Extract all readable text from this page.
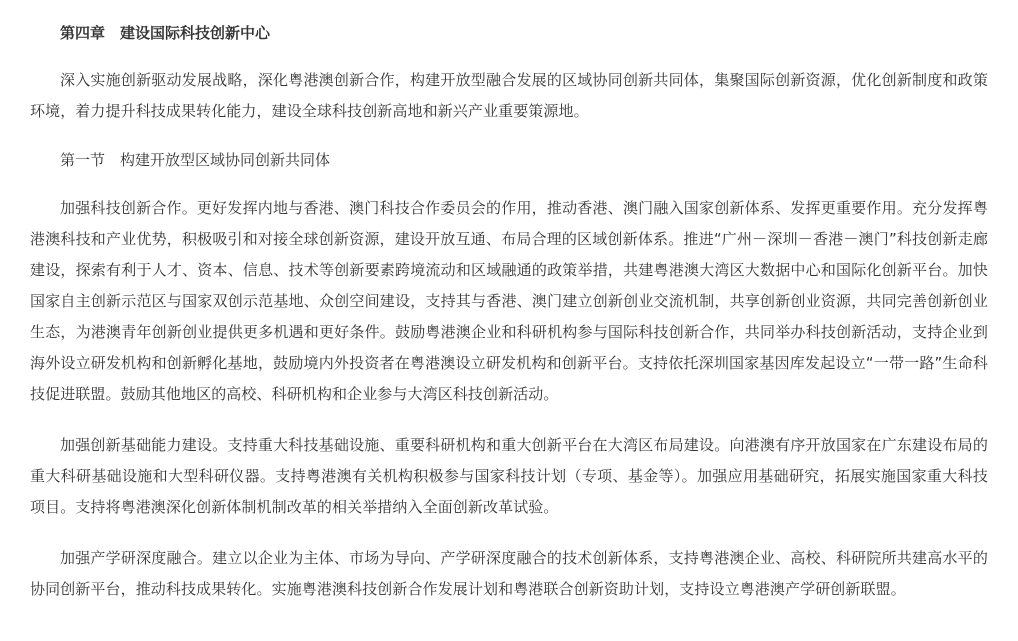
第四章　建设国际科技创新中心

深入实施创新驱动发展战略，深化粤港澳创新合作，构建开放型融合发展的区域协同创新共同体，集聚国际创新资源，优化创新制度和政策环境，着力提升科技成果转化能力，建设全球科技创新高地和新兴产业重要策源地。

第一节　构建开放型区域协同创新共同体

加强科技创新合作。更好发挥内地与香港、澳门科技合作委员会的作用，推动香港、澳门融入国家创新体系、发挥更重要作用。充分发挥粤港澳科技和产业优势，积极吸引和对接全球创新资源，建设开放互通、布局合理的区域创新体系。推进“广州－深圳－香港－澳门”科技创新走廊建设，探索有利于人才、资本、信息、技术等创新要素跨境流动和区域融通的政策举措，共建粤港澳大湾区大数据中心和国际化创新平台。加快国家自主创新示范区与国家双创示范基地、众创空间建设，支持其与香港、澳门建立创新创业交流机制，共享创新创业资源，共同完善创新创业生态，为港澳青年创新创业提供更多机遇和更好条件。鼓励粤港澳企业和科研机构参与国际科技创新合作，共同举办科技创新活动，支持企业到海外设立研发机构和创新孵化基地，鼓励境内外投资者在粤港澳设立研发机构和创新平台。支持依托深圳国家基因库发起设立“一带一路”生命科技促进联盟。鼓励其他地区的高校、科研机构和企业参与大湾区科技创新活动。

加强创新基础能力建设。支持重大科技基础设施、重要科研机构和重大创新平台在大湾区布局建设。向港澳有序开放国家在广东建设布局的重大科研基础设施和大型科研仪器。支持粤港澳有关机构积极参与国家科技计划（专项、基金等）。加强应用基础研究，拓展实施国家重大科技项目。支持将粤港澳深化创新体制机制改革的相关举措纳入全面创新改革试验。

加强产学研深度融合。建立以企业为主体、市场为导向、产学研深度融合的技术创新体系，支持粤港澳企业、高校、科研院所共建高水平的协同创新平台，推动科技成果转化。实施粤港澳科技创新合作发展计划和粤港联合创新资助计划，支持设立粤港澳产学研创新联盟。
